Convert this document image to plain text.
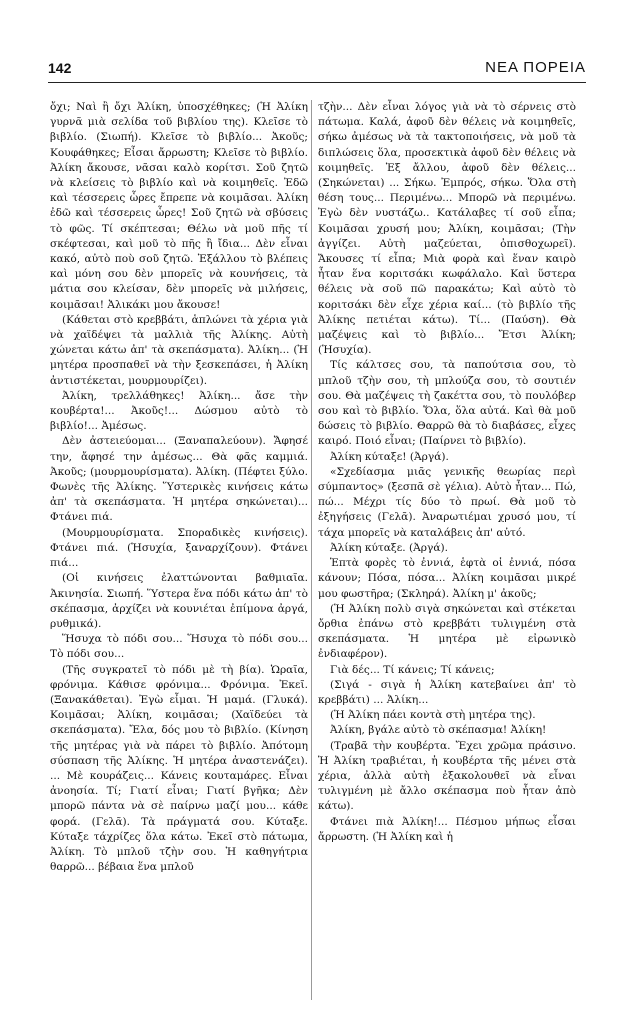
142	ΝΕΑ ΠΟΡΕΙΑ

ὄχι; Ναὶ ἢ ὄχι Ἀλίκη, ὑποσχέθηκες; (Ἡ Ἀλίκη γυρνᾶ μιὰ σελίδα τοῦ βιβλίου της). Κλεῖσε τὸ βιβλίο. (Σιωπή). Κλεῖσε τὸ βιβλίο... Ἀκοῦς; Κουφάθηκες; Εἶσαι ἄρρωστη; Κλεῖσε τὸ βιβλίο. Ἀλίκη ἄκουσε, νᾶσαι καλὸ κορίτσι. Σοῦ ζητῶ νὰ κλείσεις τὸ βιβλίο καὶ νὰ κοιμηθεῖς. Ἐδῶ καὶ τέσσερεις ὧρες ἔπρεπε νὰ κοιμᾶσαι. Ἀλίκη ἐδῶ καὶ τέσσερεις ὧρες! Σοῦ ζητῶ νὰ σβύσεις τὸ φῶς. Τί σκέπτεσαι; Θέλω νὰ μοῦ πῆς τί σκέφτεσαι, καὶ μοῦ τὸ πῆς ἢ ἴδια... Δὲν εἶναι κακό, αὐτὸ ποὺ σοῦ ζητῶ. Ἐξάλλου τὸ βλέπεις καὶ μόνη σου δὲν μπορεῖς νὰ κουνήσεις, τὰ μάτια σου κλείσαν, δὲν μπορεῖς νὰ μιλήσεις, κοιμᾶσαι! Ἀλικάκι μου ἄκουσε!

(Κάθεται στὸ κρεββάτι, ἁπλώνει τὰ χέρια γιὰ νὰ χαϊδέψει τὰ μαλλιὰ τῆς Ἀλίκης. Αὐτὴ χώνεται κάτω ἀπ' τὰ σκεπάσματα). Ἀλίκη... (Ἡ μητέρα προσπαθεῖ νὰ τὴν ξεσκεπάσει, ἡ Ἀλίκη ἀντιστέκεται, μουρμουρίζει).

Ἀλίκη, τρελλάθηκες! Ἀλίκη... ἄσε τὴν κουβέρτα!... Ἀκοῦς!... Δώσμου αὐτὸ τὸ βιβλίο!... Ἀμέσως.

Δὲν ἀστειεύομαι... (Ξαναπαλεύουν). Ἄφησέ την, ἄφησέ την ἀμέσως... Θὰ φᾶς καμμιά. Ἀκοῦς; (μουρμουρίσματα). Ἀλίκη. (Πέφτει ξύλο. Φωνὲς τῆς Ἀλίκης. Ὕστερικὲς κινήσεις κάτω ἀπ' τὰ σκεπάσματα. Ἡ μητέρα σηκώνεται)... Φτάνει πιά.

(Μουρμουρίσματα. Σποραδικὲς κινήσεις). Φτάνει πιά. (Ἡσυχία, ξαναρχίζουν). Φτάνει πιά...

(Οἱ κινήσεις ἐλαττώνονται βαθμιαῖα. Ἀκινησία. Σιωπή. Ὕστερα ἕνα πόδι κάτω ἀπ' τὸ σκέπασμα, ἀρχίζει νὰ κουνιέται ἐπίμονα ἀργά, ρυθμικά).

Ἥσυχα τὸ πόδι σου... Ἥσυχα τὸ πόδι σου... Τὸ πόδι σου...

(Τῆς συγκρατεῖ τὸ πόδι μὲ τὴ βία). Ὡραῖα, φρόνιμα. Κάθισε φρόνιμα... Φρόνιμα. Ἐκεῖ. (Ξανακάθεται). Ἐγὼ εἶμαι. Ἡ μαμά. (Γλυκά). Κοιμᾶσαι; Ἀλίκη, κοιμᾶσαι; (Χαϊδεύει τὰ σκεπάσματα). Ἔλα, δός μου τὸ βιβλίο. (Κίνηση τῆς μητέρας γιὰ νὰ πάρει τὸ βιβλίο. Ἀπότομη σύσπαση τῆς Ἀλίκης. Ἡ μητέρα ἀναστενάζει). ... Μὲ κουράζεις... Κάνεις κουταμάρες. Εἶναι ἀνοησία. Τί; Γιατί εἶναι; Γιατί βγῆκα; Δὲν μπορῶ πάντα νὰ σὲ παίρνω μαζί μου... κάθε φορά. (Γελᾶ). Τὰ πράγματά σου. Κύταξε. Κύταξε τάχρίζες ὅλα κάτω. Ἐκεῖ στὸ πάτωμα, Ἀλίκη. Τὸ μπλοῦ τζὴν σου. Ἡ καθηγήτρια θαρρῶ... βέβαια ἕνα μπλοῦ

τζὴν... Δὲν εἶναι λόγος γιὰ νὰ τὸ σέρνεις στὸ πάτωμα. Καλά, ἀφοῦ δὲν θέλεις νὰ κοιμηθεῖς, σήκω ἀμέσως νὰ τὰ τακτοποιήσεις, νὰ μοῦ τὰ διπλώσεις ὅλα, προσεκτικὰ ἀφοῦ δὲν θέλεις νὰ κοιμηθεῖς. Ἐξ ἄλλου, ἀφοῦ δὲν θέλεις... (Σηκώνεται) ... Σήκω. Ἐμπρός, σήκω. Ὅλα στὴ θέση τους... Περιμένω... Μπορῶ νὰ περιμένω. Ἐγὼ δὲν νυστάζω.. Κατάλαβες τί σοῦ εἶπα; Κοιμᾶσαι χρυσή μου; Ἀλίκη, κοιμᾶσαι; (Τὴν ἀγγίζει. Αὐτὴ μαζεύεται, ὀπισθοχωρεῖ). Ἄκουσες τί εἶπα; Μιὰ φορὰ καὶ ἕναν καιρὸ ἦταν ἕνα κοριτσάκι κωφάλαλο. Καὶ ὕστερα θέλεις νὰ σοῦ πῶ παρακάτω; Καὶ αὐτὸ τὸ κοριτσάκι δὲν εἶχε χέρια καί... (τὸ βιβλίο τῆς Ἀλίκης πετιέται κάτω). Τί... (Παύση). Θὰ μαζέψεις καὶ τὸ βιβλίο... Ἔτσι Ἀλίκη; (Ἡσυχία).

Τίς κάλτσες σου, τὰ παπούτσια σου, τὸ μπλοῦ τζὴν σου, τὴ μπλούζα σου, τὸ σουτιέν σου. Θὰ μαζέψεις τὴ ζακέττα σου, τὸ πουλόβερ σου καὶ τὸ βιβλίο. Ὅλα, ὅλα αὐτά. Καὶ θὰ μοῦ δώσεις τὸ βιβλίο. Θαρρῶ θὰ τὸ διαβάσες, εἶχες καιρό. Ποιό εἶναι; (Παίρνει τὸ βιβλίο).

Ἀλίκη κύταξε! (Ἀργά).

«Σχεδίασμα μιᾶς γενικῆς θεωρίας περὶ σύμπαντος» (ξεσπᾶ σὲ γέλια). Αὐτὸ ἦταν... Πώ, πώ... Μέχρι τίς δύο τὸ πρωί. Θὰ μοῦ τὸ ἐξηγήσεις (Γελᾶ). Ἀναρωτιέμαι χρυσό μου, τί τάχα μπορεῖς νὰ καταλάβεις ἀπ' αὐτό.

Ἀλίκη κύταξε. (Ἀργά).

Ἑπτὰ φορὲς τὸ ἐννιά, ἑφτὰ οἱ ἐννιά, πόσα κάνουν; Πόσα, πόσα... Ἀλίκη κοιμᾶσαι μικρέ μου φωστῆρα; (Σκληρά). Ἀλίκη μ' ἀκοῦς;

(Ἡ Ἀλίκη πολὺ σιγὰ σηκώνεται καὶ στέκεται ὄρθια ἐπάνω στὸ κρεββάτι τυλιγμένη στὰ σκεπάσματα. Ἡ μητέρα μὲ εἰρωνικὸ ἐνδιαφέρον).

Γιὰ δές... Τί κάνεις; Τί κάνεις;

(Σιγά - σιγὰ ἡ Ἀλίκη κατεβαίνει ἀπ' τὸ κρεββάτι) ... Ἀλίκη...

(Ἡ Ἀλίκη πάει κοντὰ στὴ μητέρα της).

Ἀλίκη, βγάλε αὐτὸ τὸ σκέπασμα! Ἀλίκη!

(Τραβᾶ τὴν κουβέρτα. Ἔχει χρῶμα πράσινο. Ἡ Ἀλίκη τραβιέται, ἡ κουβέρτα τῆς μένει στὰ χέρια, ἀλλὰ αὐτὴ ἐξακολουθεῖ νὰ εἶναι τυλιγμένη μὲ ἄλλο σκέπασμα ποὺ ἦταν ἀπὸ κάτω).

Φτάνει πιὰ Ἀλίκη!... Πέσμου μήπως εἶσαι ἄρρωστη. (Ἡ Ἀλίκη καὶ ἡ
